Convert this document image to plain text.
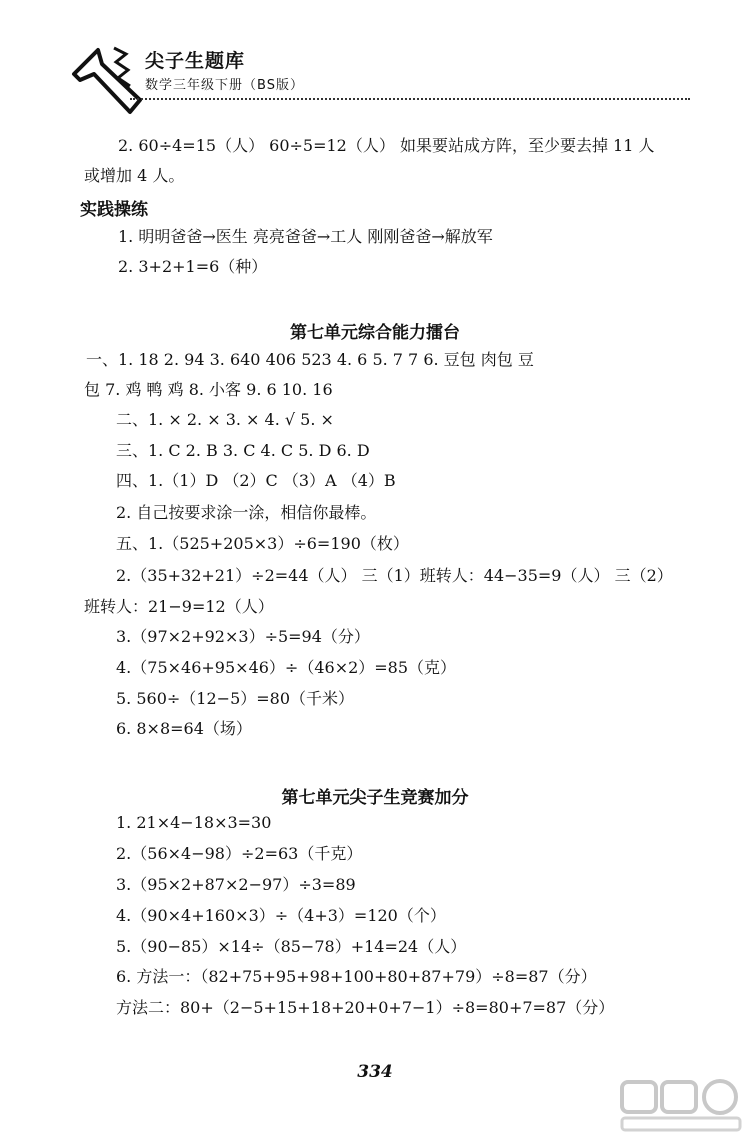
尖子生题库
数学三年级下册（BS版）
2. 60÷4=15（人） 60÷5=12（人） 如果要站成方阵，至少要去掉 11 人
或增加 4 人。
实践操练
1. 明明爸爸→医生 亮亮爸爸→工人 刚刚爸爸→解放军
2. 3+2+1=6（种）
第七单元综合能力擂台
一、1. 18 2. 94 3. 640 406 523 4. 6 5. 7 7 6. 豆包 肉包 豆
包 7. 鸡 鸭 鸡 8. 小客 9. 6 10. 16
二、1. × 2. × 3. × 4. √ 5. ×
三、1. C 2. B 3. C 4. C 5. D 6. D
四、1.（1）D （2）C （3）A （4）B
2. 自己按要求涂一涂，相信你最棒。
五、1.（525+205×3）÷6=190（枚）
2.（35+32+21）÷2=44（人） 三（1）班转人：44−35=9（人） 三（2）
班转人：21−9=12（人）
3.（97×2+92×3）÷5=94（分）
4.（75×46+95×46）÷（46×2）=85（克）
5. 560÷（12−5）=80（千米）
6. 8×8=64（场）
第七单元尖子生竞赛加分
1. 21×4−18×3=30
2.（56×4−98）÷2=63（千克）
3.（95×2+87×2−97）÷3=89
4.（90×4+160×3）÷（4+3）=120（个）
5.（90−85）×14÷（85−78）+14=24（人）
6. 方法一：（82+75+95+98+100+80+87+79）÷8=87（分）
方法二：80+（2−5+15+18+20+0+7−1）÷8=80+7=87（分）
334
